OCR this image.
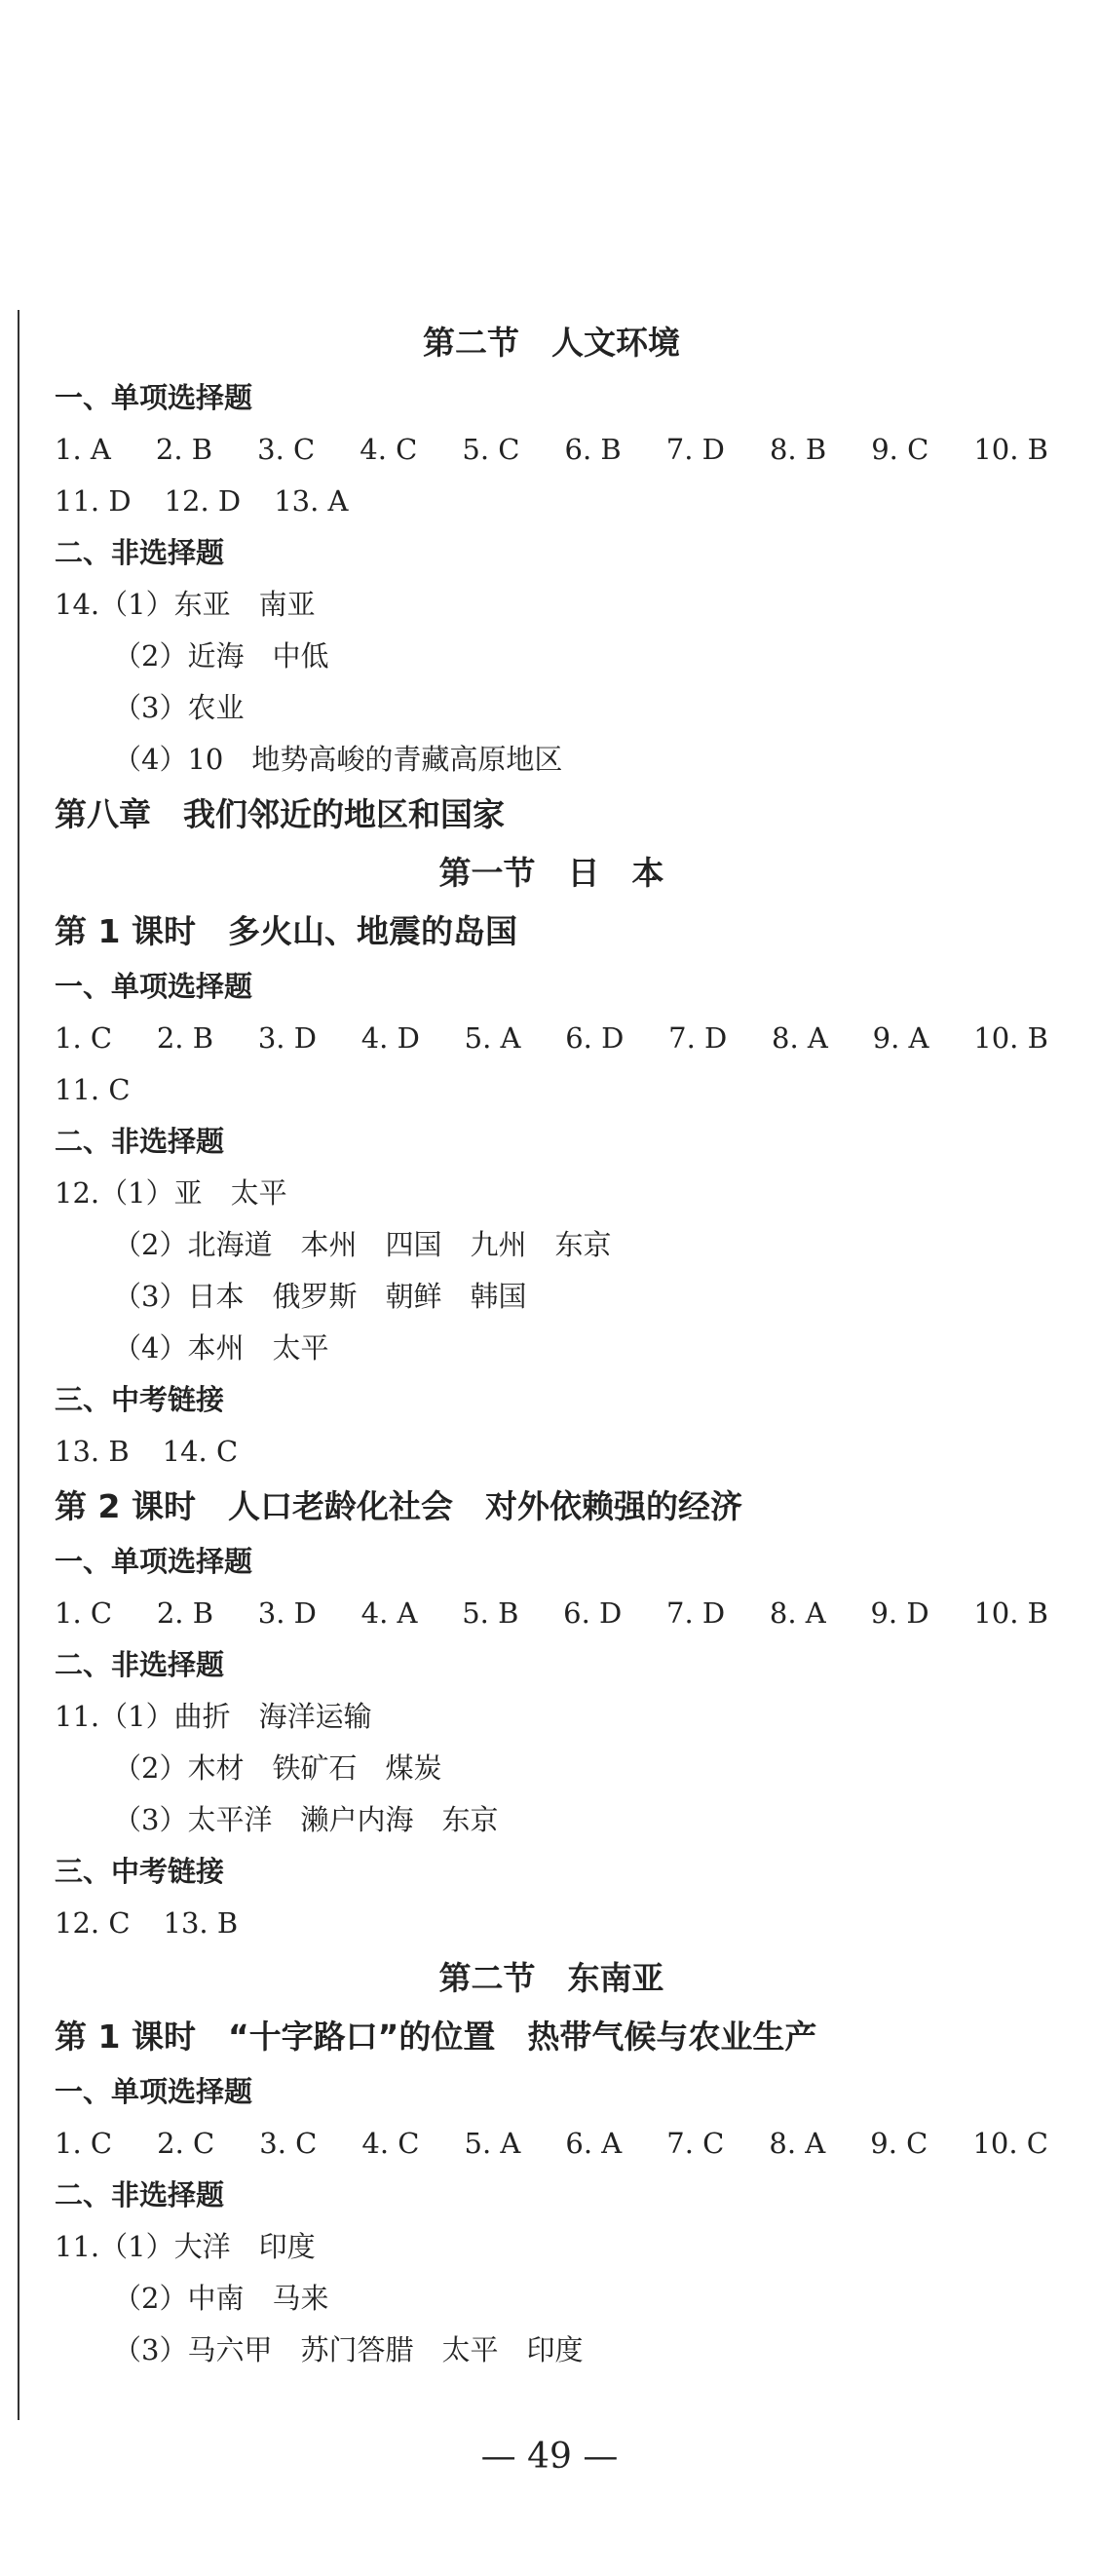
第二节　人文环境
一、单项选择题
1. A 2. B 3. C 4. C 5. C 6. B 7. D 8. B 9. C 10. B
11. D 12. D 13. A
二、非选择题
14.（1）东亚　南亚
（2）近海　中低
（3）农业
（4）10　地势高峻的青藏高原地区
第八章　我们邻近的地区和国家
第一节　日　本
第 1 课时　多火山、地震的岛国
一、单项选择题
1. C 2. B 3. D 4. D 5. A 6. D 7. D 8. A 9. A 10. B
11. C
二、非选择题
12.（1）亚　太平
（2）北海道　本州　四国　九州　东京
（3）日本　俄罗斯　朝鲜　韩国
（4）本州　太平
三、中考链接
13. B 14. C
第 2 课时　人口老龄化社会　对外依赖强的经济
一、单项选择题
1. C 2. B 3. D 4. A 5. B 6. D 7. D 8. A 9. D 10. B
二、非选择题
11.（1）曲折　海洋运输
（2）木材　铁矿石　煤炭
（3）太平洋　濑户内海　东京
三、中考链接
12. C 13. B
第二节　东南亚
第 1 课时　“十字路口”的位置　热带气候与农业生产
一、单项选择题
1. C 2. C 3. C 4. C 5. A 6. A 7. C 8. A 9. C 10. C
二、非选择题
11.（1）大洋　印度
（2）中南　马来
（3）马六甲　苏门答腊　太平　印度
— 49 —
